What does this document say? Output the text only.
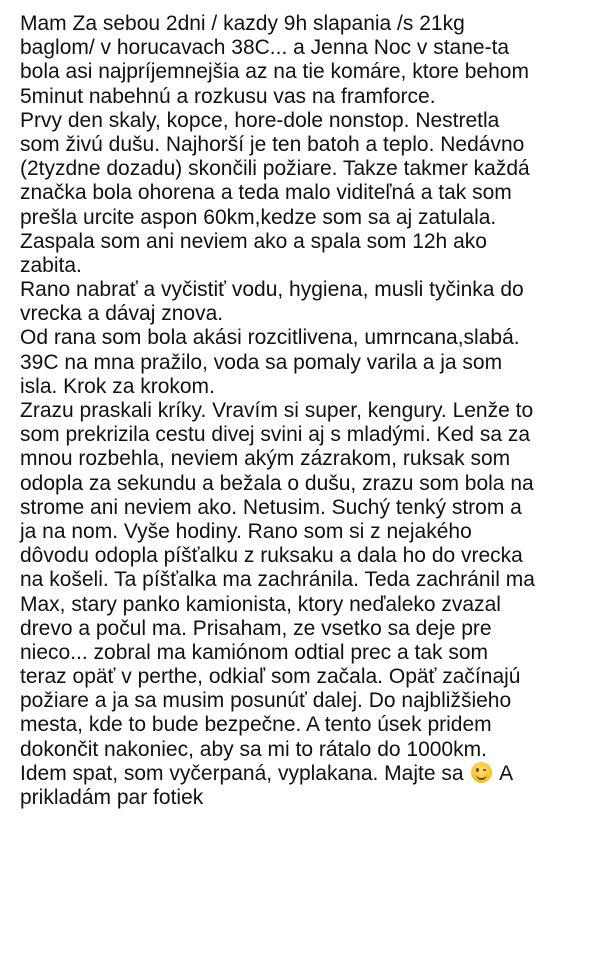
Mam Za sebou 2dni / kazdy 9h slapania /s 21kg
baglom/ v horucavach 38C... a Jenna Noc v stane-ta
bola asi najpríjemnejšia az na tie komáre, ktore behom
5minut nabehnú a rozkusu vas na framforce.
Prvy den skaly, kopce, hore-dole nonstop. Nestretla
som živú dušu. Najhorší je ten batoh a teplo. Nedávno
(2tyzdne dozadu) skončili požiare. Takze takmer každá
značka bola ohorena a teda malo viditeľná a tak som
prešla urcite aspon 60km,kedze som sa aj zatulala.
Zaspala som ani neviem ako a spala som 12h ako
zabita.
Rano nabrať a vyčistiť vodu, hygiena, musli tyčinka do
vrecka a dávaj znova.
Od rana som bola akási rozcitlivena, umrncana,slabá.
39C na mna pražilo, voda sa pomaly varila a ja som
isla. Krok za krokom.
Zrazu praskali kríky. Vravím si super, kengury. Lenže to
som prekrizila cestu divej svini aj s mladými. Ked sa za
mnou rozbehla, neviem akým zázrakom, ruksak som
odopla za sekundu a bežala o dušu, zrazu som bola na
strome ani neviem ako. Netusim. Suchý tenký strom a
ja na nom. Vyše hodiny. Rano som si z nejakého
dôvodu odopla píšťalku z ruksaku a dala ho do vrecka
na košeli. Ta píšťalka ma zachránila. Teda zachránil ma
Max, stary panko kamionista, ktory neďaleko zvazal
drevo a počul ma. Prisaham, ze vsetko sa deje pre
nieco... zobral ma kamiónom odtial prec a tak som
teraz opäť v perthe, odkiaľ som začala. Opäť začínajú
požiare a ja sa musim posunúť dalej. Do najbližšieho
mesta, kde to bude bezpečne. A tento úsek pridem
dokončit nakoniec, aby sa mi to rátalo do 1000km.
Idem spat, som vyčerpaná, vyplakana. Majte sa
A
prikladám par fotiek
